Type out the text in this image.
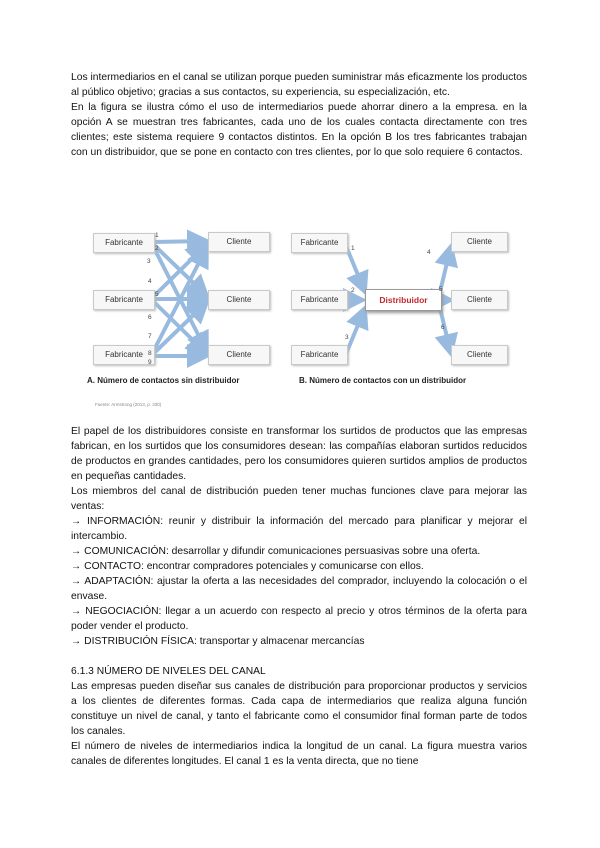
Los intermediarios en el canal se utilizan porque pueden suministrar más eficazmente los productos al público objetivo; gracias a sus contactos, su experiencia, su especialización, etc.

En la figura se ilustra cómo el uso de intermediarios puede ahorrar dinero a la empresa. en la opción A se muestran tres fabricantes, cada uno de los cuales contacta directamente con tres clientes; este sistema requiere 9 contactos distintos. En la opción B los tres fabricantes trabajan con un distribuidor, que se pone en contacto con tres clientes, por lo que solo requiere 6 contactos.

Fabricante
Fabricante
Fabricante
Cliente
Cliente
Cliente
1
2
3
4
5
6
7
8
9
A. Número de contactos sin distribuidor
Fabricante
Fabricante
Fabricante
Distribuidor
Cliente
Cliente
Cliente
1
2
3
4
5
6
B. Número de contactos con un distribuidor
Fuente: Armstrong (2013, p. 330)

El papel de los distribuidores consiste en transformar los surtidos de productos que las empresas fabrican, en los surtidos que los consumidores desean: las compañías elaboran surtidos reducidos de productos en grandes cantidades, pero los consumidores quieren surtidos amplios de productos en pequeñas cantidades.

Los miembros del canal de distribución pueden tener muchas funciones clave para mejorar las ventas:

→ INFORMACIÓN: reunir y distribuir la información del mercado para planificar y mejorar el intercambio.

→ COMUNICACIÓN: desarrollar y difundir comunicaciones persuasivas sobre una oferta.

→ CONTACTO: encontrar compradores potenciales y comunicarse con ellos.

→ ADAPTACIÓN: ajustar la oferta a las necesidades del comprador, incluyendo la colocación o el envase.

→ NEGOCIACIÓN: llegar a un acuerdo con respecto al precio y otros términos de la oferta para poder vender el producto.

→ DISTRIBUCIÓN FÍSICA: transportar y almacenar mercancías

6.1.3 NÚMERO DE NIVELES DEL CANAL

Las empresas pueden diseñar sus canales de distribución para proporcionar productos y servicios a los clientes de diferentes formas. Cada capa de intermediarios que realiza alguna función constituye un nivel de canal, y tanto el fabricante como el consumidor final forman parte de todos los canales.

El número de niveles de intermediarios indica la longitud de un canal. La figura muestra varios canales de diferentes longitudes. El canal 1 es la venta directa, que no tiene
